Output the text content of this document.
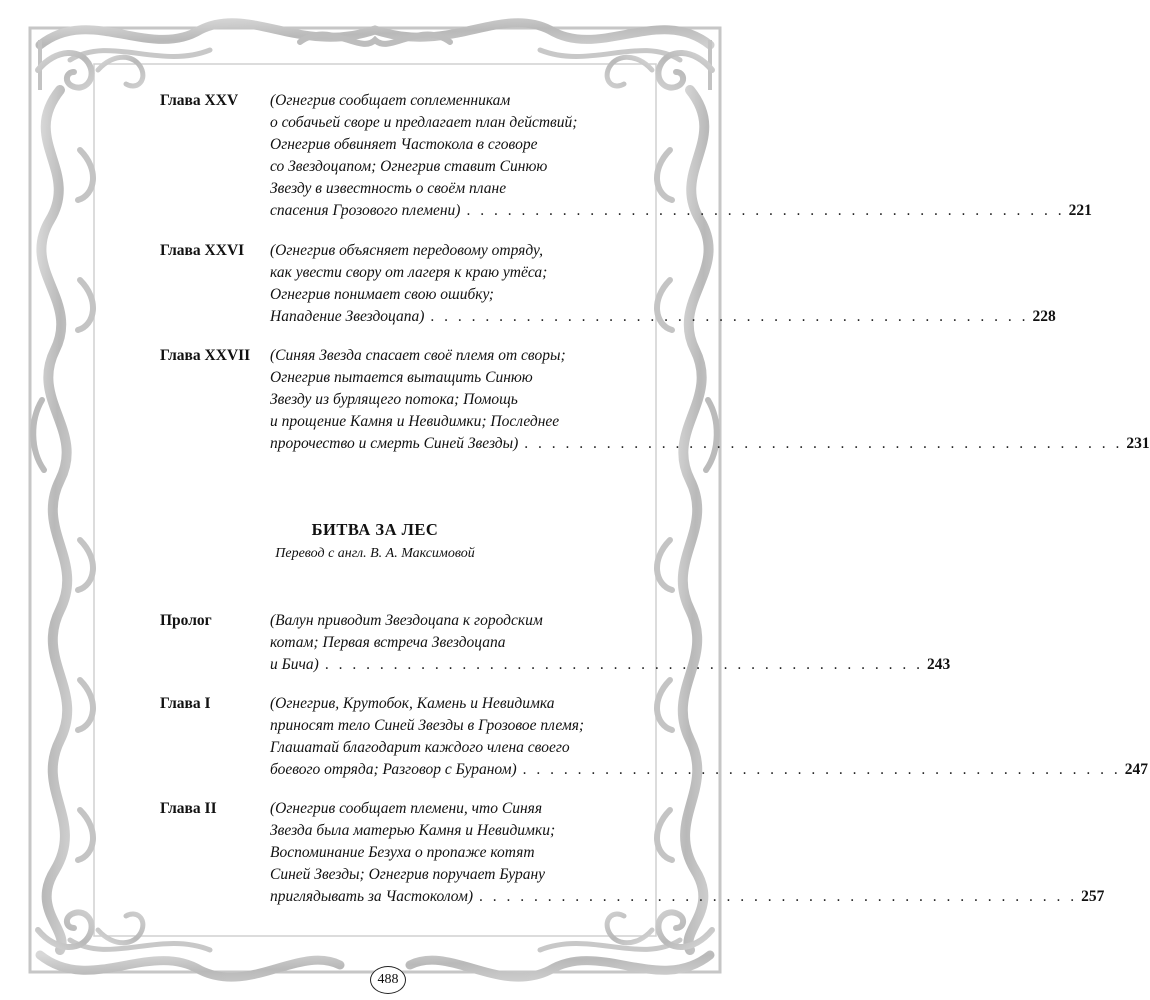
Глава XXV (Огнегрив сообщает соплеменникам
о собачьей своре и предлагает план действий;
Огнегрив обвиняет Частокола в сговоре
со Звездоцапом; Огнегрив ставит Синюю
Звезду в известность о своём плане
спасения Грозового племени) . . . . . . . . . . . . . . . . . . . . . . . . . . . . . . . . . . . . . . . . . . . . 221
Глава XXVI (Огнегрив объясняет передовому отряду,
как увести свору от лагеря к краю утёса;
Огнегрив понимает свою ошибку;
Нападение Звездоцапа) . . . . . . . . . . . . . . . . . . . . . . . . . . . . . . . . . . . . . . . . . . . . 228
Глава XXVII (Синяя Звезда спасает своё племя от своры;
Огнегрив пытается вытащить Синюю
Звезду из бурлящего потока; Помощь
и прощение Камня и Невидимки; Последнее
пророчество и смерть Синей Звезды) . . . . . . . . . . . . . . . . . . . . . . . . . . . . . . . . . . . . . . . . . . . . 231
БИТВА ЗА ЛЕС
Перевод с англ. В. А. Максимовой
Пролог	(Валун приводит Звездоцапа к городским
котам; Первая встреча Звездоцапа
и Бича) . . . . . . . . . . . . . . . . . . . . . . . . . . . . . . . . . . . . . . . . . . . . 243
Глава I	(Огнегрив, Крутобок, Камень и Невидимка
приносят тело Синей Звезды в Грозовое племя;
Глашатай благодарит каждого члена своего
боевого отряда; Разговор с Бураном) . . . . . . . . . . . . . . . . . . . . . . . . . . . . . . . . . . . . . . . . . . . . 247
Глава II	(Огнегрив сообщает племени, что Синяя
Звезда была матерью Камня и Невидимки;
Воспоминание Безуха о пропаже котят
Синей Звезды; Огнегрив поручает Бурану
приглядывать за Частоколом) . . . . . . . . . . . . . . . . . . . . . . . . . . . . . . . . . . . . . . . . . . . . 257
488
